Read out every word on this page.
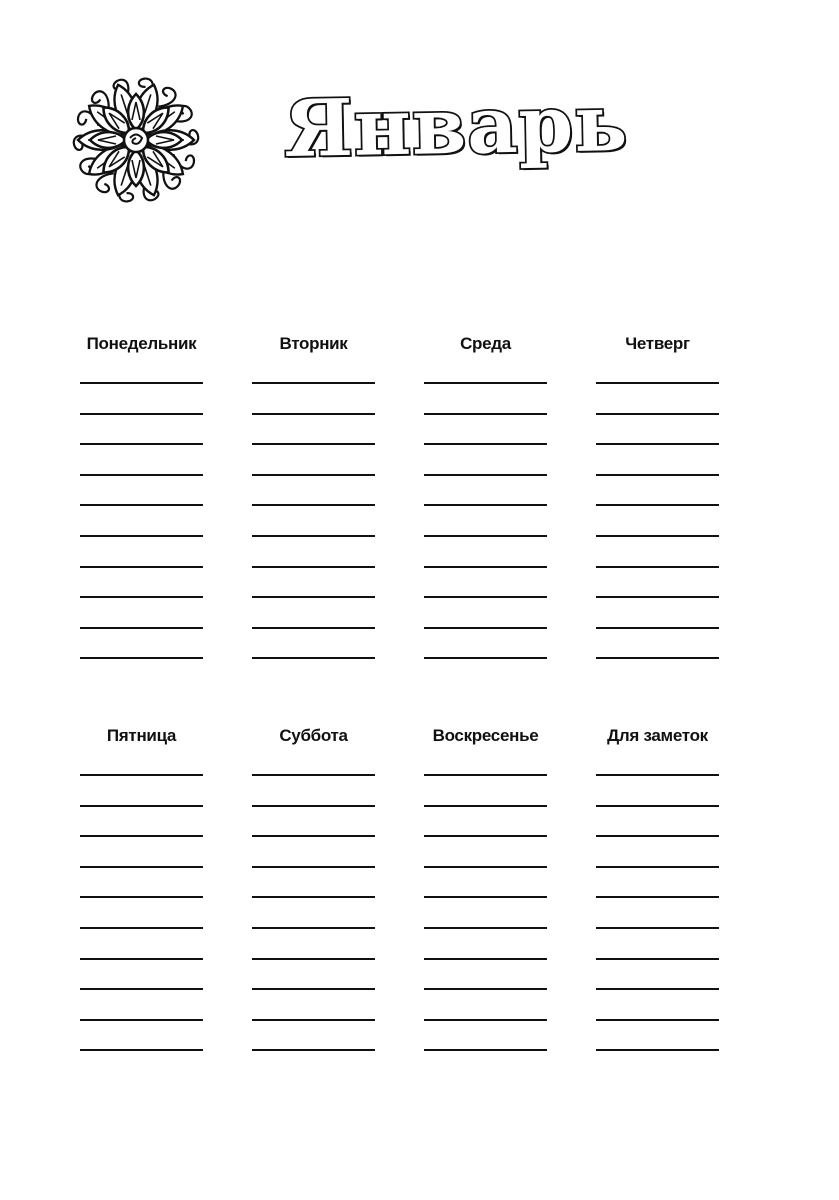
Январь
Понедельник	Вторник	Среда	Четверг
Пятница	Суббота	Воскресенье	Для заметок
